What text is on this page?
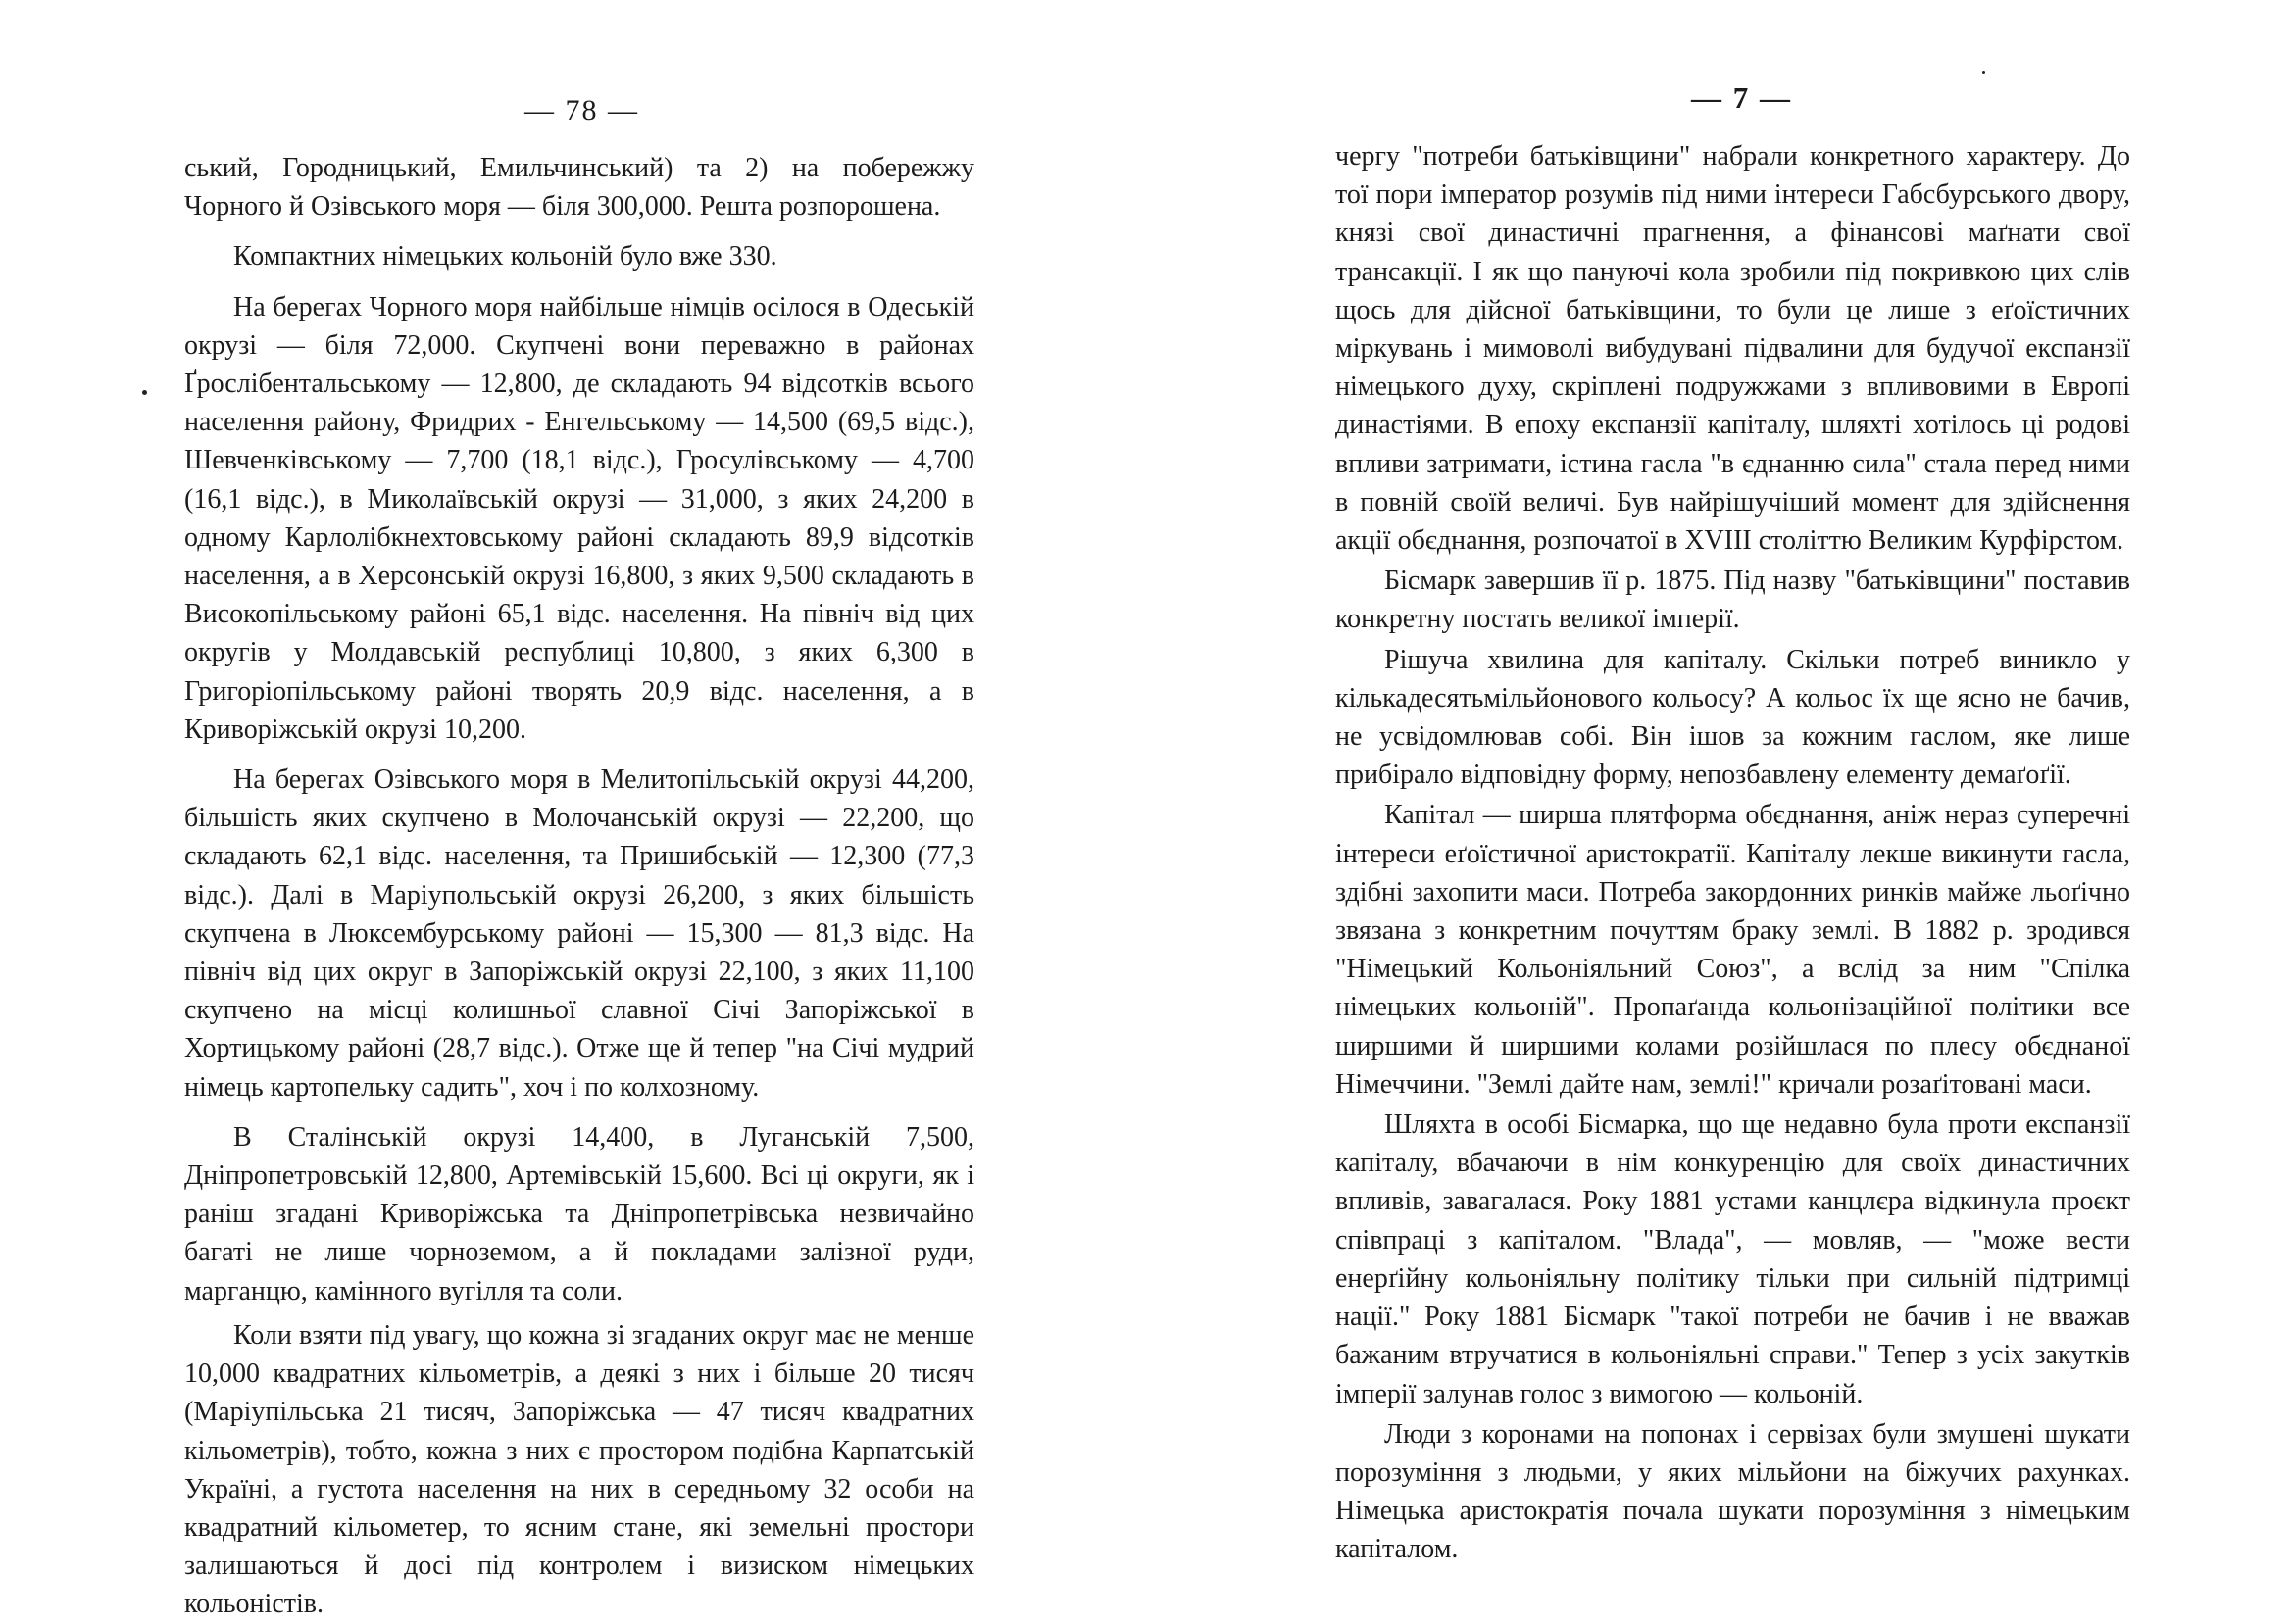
— 78 —

ський, Городницький, Емильчинський) та 2) на побережжу Чорного й Озівського моря — біля 300,000. Решта розпорошена.

Компактних німецьких кольоній було вже 330.

На берегах Чорного моря найбільше німців осілося в Одеській окрузі — біля 72,000. Скупчені вони переважно в районах Ґрослібентальському — 12,800, де складають 94 відсотків всього населення району, Фридрих - Енгельському — 14,500 (69,5 відс.), Шевченківському — 7,700 (18,1 відс.), Гросулівському — 4,700 (16,1 відс.), в Миколаївській окрузі — 31,000, з яких 24,200 в одному Карлолібкнехтовському районі складають 89,9 відсотків населення, а в Херсонській окрузі 16,800, з яких 9,500 складають в Високопільському районі 65,1 відс. населення. На північ від цих округів у Молдавській республиці 10,800, з яких 6,300 в Григоріопільському районі творять 20,9 відс. населення, а в Криворіжській окрузі 10,200.

На берегах Озівського моря в Мелитопільській окрузі 44,200, більшість яких скупчено в Молочанській окрузі — 22,200, що складають 62,1 відс. населення, та Пришибській — 12,300 (77,3 відс.). Далі в Маріупольській окрузі 26,200, з яких більшість скупчена в Люксембурському районі — 15,300 — 81,3 відс. На північ від цих округ в Запоріжській окрузі 22,100, з яких 11,100 скупчено на місці колишньої славної Січі Запоріжської в Хортицькому районі (28,7 відс.). Отже ще й тепер "на Січі мудрий німець картопельку садить", хоч і по колхозному.

В Сталінській окрузі 14,400, в Луганській 7,500, Дніпропетровській 12,800, Артемівській 15,600. Всі ці округи, як і раніш згадані Криворіжська та Дніпропетрівська незвичайно багаті не лише чорноземом, а й покладами залізної руди, марганцю, камінного вугілля та соли.

Коли взяти під увагу, що кожна зі згаданих округ має не менше 10,000 квадратних кільометрів, а деякі з них і більше 20 тисяч (Маріупільська 21 тисяч, Запоріжська — 47 тисяч квадратних кільометрів), тобто, кожна з них є простором подібна Карпатській Україні, а густота населення на них в середньому 32 особи на квадратний кільометер, то ясним стане, які земельні простори залишаються й досі під контролем і визиском німецьких кольоністів.

— 7 —

чергу "потреби батьківщини" набрали конкретного характеру. До тої пори імператор розумів під ними інтереси Габсбурського двору, князі свої династичні прагнення, а фінансові маґнати свої трансакції. І як що пануючі кола зробили під покривкою цих слів щось для дійсної батьківщини, то були це лише з еґоїстичних міркувань і мимоволі вибудувані підвалини для будучої експанзії німецького духу, скріплені подружжами з впливовими в Европі династіями. В епоху експанзії капіталу, шляхті хотілось ці родові впливи затримати, істина гасла "в єднанню сила" стала перед ними в повній своїй величі. Був найрішучіший момент для здійснення акції обєднання, розпочатої в XVIII століттю Великим Курфірстом.

Бісмарк завершив її р. 1875. Під назву "батьківщини" поставив конкретну постать великої імперії.

Рішуча хвилина для капіталу. Скільки потреб виникло у кількадесятьмільйонового кольосу? А кольос їх ще ясно не бачив, не усвідомлював собі. Він ішов за кожним гаслом, яке лише прибірало відповідну форму, непозбавлену елементу демаґоґії.

Капітал — ширша плятформа обєднання, аніж нераз суперечні інтереси еґоїстичної аристократії. Капіталу лекше викинути гасла, здібні захопити маси. Потреба закордонних ринків майже льоґічно звязана з конкретним почуттям браку землі. В 1882 р. зродився "Німецький Кольоніяльний Союз", а вслід за ним "Спілка німецьких кольоній". Пропаґанда кольонізаційної політики все ширшими й ширшими колами розійшлася по плесу обєднаної Німеччини. "Землі дайте нам, землі!" кричали розаґітовані маси.

Шляхта в особі Бісмарка, що ще недавно була проти експанзії капіталу, вбачаючи в нім конкуренцію для своїх династичних впливів, завагалася. Року 1881 устами канцлєра відкинула проєкт співпраці з капіталом. "Влада", — мовляв, — "може вести енерґійну кольоніяльну політику тільки при сильній підтримці нації." Року 1881 Бісмарк "такої потреби не бачив і не вважав бажаним втручатися в кольоніяльні справи." Тепер з усіх закутків імперії залунав голос з вимогою — кольоній.

Люди з коронами на попонах і сервізах були змушені шукати порозуміння з людьми, у яких мільйони на біжучих рахунках. Німецька аристократія почала шукати порозуміння з німецьким капіталом.
